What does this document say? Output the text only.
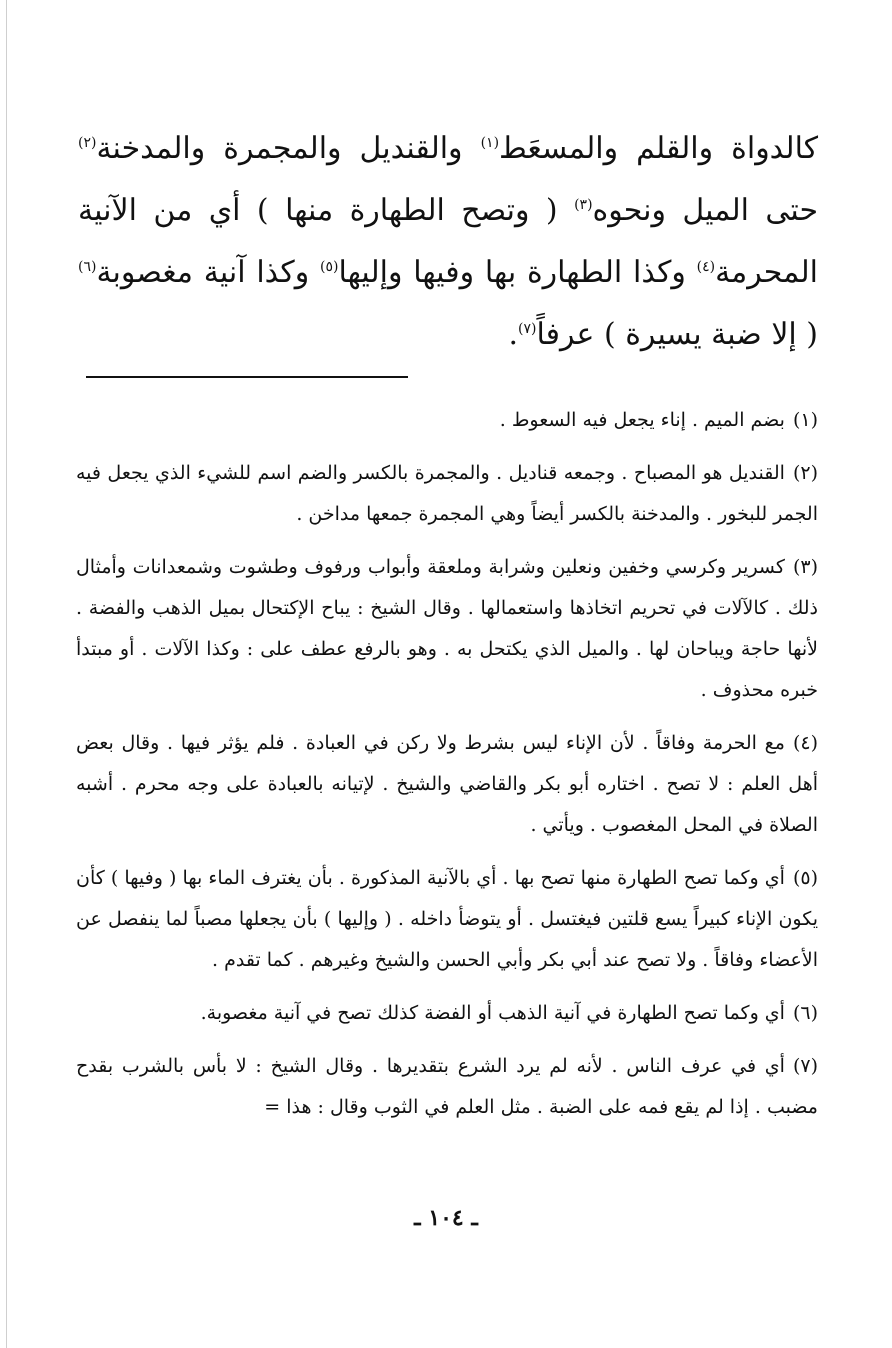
كالدواة والقلم والمسعَط$^{(١)}$ والقنديل والمجمرة والمدخنة$^{(٢)}$ حتى الميل ونحوه$^{(٣)}$ ( وتصح الطهارة منها ) أي من الآنية المحرمة$^{(٤)}$ وكذا الطهارة بها وفيها وإليها$^{(٥)}$ وكذا آنية مغصوبة$^{(٦)}$ ( إلا ضبة يسيرة ) عرفاً$^{(٧)}$.

(١)بضم الميم . إناء يجعل فيه السعوط .

(٢)القنديل هو المصباح . وجمعه قناديل . والمجمرة بالكسر والضم اسم للشيء الذي يجعل فيه الجمر للبخور . والمدخنة بالكسر أيضاً وهي المجمرة جمعها مداخن .

(٣)كسرير وكرسي وخفين ونعلين وشرابة وملعقة وأبواب ورفوف وطشوت وشمعدانات وأمثال ذلك . كالآلات في تحريم اتخاذها واستعمالها . وقال الشيخ : يباح الإكتحال بميل الذهب والفضة . لأنها حاجة ويباحان لها . والميل الذي يكتحل به . وهو بالرفع عطف على : وكذا الآلات . أو مبتدأ خبره محذوف .

(٤)مع الحرمة وفاقاً . لأن الإناء ليس بشرط ولا ركن في العبادة . فلم يؤثر فيها . وقال بعض أهل العلم : لا تصح . اختاره أبو بكر والقاضي والشيخ . لإتيانه بالعبادة على وجه محرم . أشبه الصلاة في المحل المغصوب . ويأتي .

(٥)أي وكما تصح الطهارة منها تصح بها . أي بالآنية المذكورة . بأن يغترف الماء بها ( وفيها ) كأن يكون الإناء كبيراً يسع قلتين فيغتسل . أو يتوضأ داخله . ( وإليها ) بأن يجعلها مصباً لما ينفصل عن الأعضاء وفاقاً . ولا تصح عند أبي بكر وأبي الحسن والشيخ وغيرهم . كما تقدم .

(٦)أي وكما تصح الطهارة في آنية الذهب أو الفضة كذلك تصح في آنية مغصوبة.

(٧)أي في عرف الناس . لأنه لم يرد الشرع بتقديرها . وقال الشيخ : لا بأس بالشرب بقدح مضبب . إذا لم يقع فمه على الضبة . مثل العلم في الثوب وقال : هذا =

ـ ١٠٤ ـ
